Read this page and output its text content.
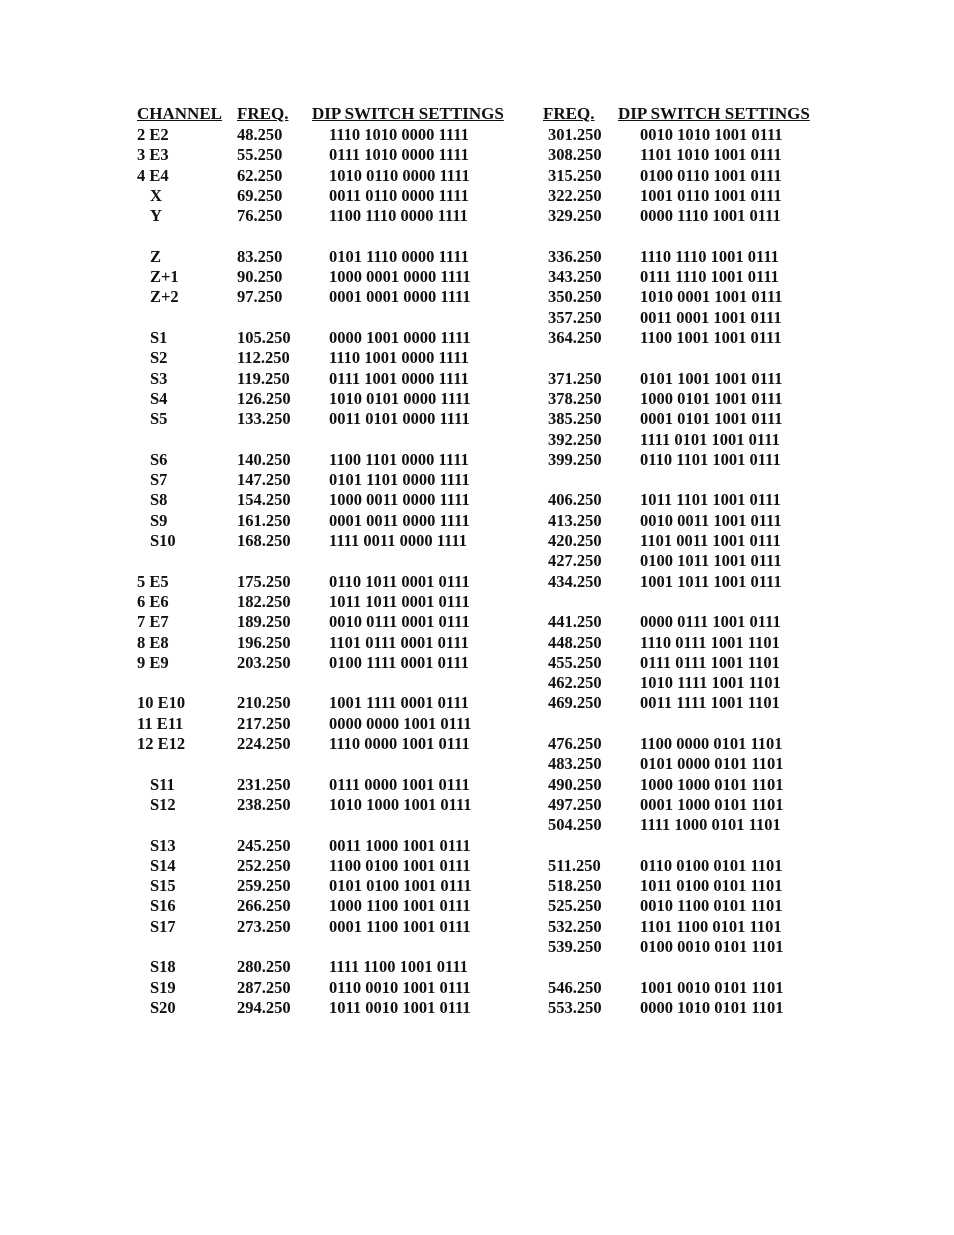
CHANNEL FREQ. DIP SWITCH SETTINGS FREQ. DIP SWITCH SETTINGS
2 E2	48.250	1110 1010 0000 1111	301.250 0010 1010 1001 0111
3 E3	55.250	0111 1010 0000 1111	308.250 1101 1010 1001 0111
4 E4	62.250	1010 0110 0000 1111	315.250 0100 0110 1001 0111
X	69.250	0011 0110 0000 1111	322.250 1001 0110 1001 0111
Y	76.250	1100 1110 0000 1111	329.250 0000 1110 1001 0111
Z	83.250	0101 1110 0000 1111	336.250 1110 1110 1001 0111
Z+1	90.250	1000 0001 0000 1111	343.250 0111 1110 1001 0111
Z+2	97.250	0001 0001 0000 1111	350.250 1010 0001 1001 0111
357.250 0011 0001 1001 0111
S1	105.250 0000 1001 0000 1111	364.250 1100 1001 1001 0111
S2	112.250 1110 1001 0000 1111
S3	119.250 0111 1001 0000 1111	371.250 0101 1001 1001 0111
S4	126.250 1010 0101 0000 1111	378.250 1000 0101 1001 0111
S5	133.250 0011 0101 0000 1111	385.250 0001 0101 1001 0111
392.250 1111 0101 1001 0111
S6	140.250 1100 1101 0000 1111	399.250 0110 1101 1001 0111
S7	147.250 0101 1101 0000 1111
S8	154.250 1000 0011 0000 1111	406.250 1011 1101 1001 0111
S9	161.250 0001 0011 0000 1111	413.250 0010 0011 1001 0111
S10	168.250 1111 0011 0000 1111	420.250 1101 0011 1001 0111
427.250 0100 1011 1001 0111
5 E5	175.250 0110 1011 0001 0111	434.250 1001 1011 1001 0111
6 E6	182.250 1011 1011 0001 0111
7 E7	189.250 0010 0111 0001 0111	441.250 0000 0111 1001 0111
8 E8	196.250 1101 0111 0001 0111	448.250 1110 0111 1001 1101
9 E9	203.250 0100 1111 0001 0111	455.250 0111 0111 1001 1101
462.250 1010 1111 1001 1101
10 E10	210.250 1001 1111 0001 0111	469.250 0011 1111 1001 1101
11 E11	217.250 0000 0000 1001 0111
12 E12	224.250 1110 0000 1001 0111	476.250 1100 0000 0101 1101
483.250 0101 0000 0101 1101
S11	231.250 0111 0000 1001 0111	490.250 1000 1000 0101 1101
S12	238.250 1010 1000 1001 0111	497.250 0001 1000 0101 1101
504.250 1111 1000 0101 1101
S13	245.250 0011 1000 1001 0111
S14	252.250 1100 0100 1001 0111	511.250 0110 0100 0101 1101
S15	259.250 0101 0100 1001 0111	518.250 1011 0100 0101 1101
S16	266.250 1000 1100 1001 0111	525.250 0010 1100 0101 1101
S17	273.250 0001 1100 1001 0111	532.250 1101 1100 0101 1101
539.250 0100 0010 0101 1101
S18	280.250 1111 1100 1001 0111
S19	287.250 0110 0010 1001 0111	546.250 1001 0010 0101 1101
S20	294.250 1011 0010 1001 0111	553.250 0000 1010 0101 1101
